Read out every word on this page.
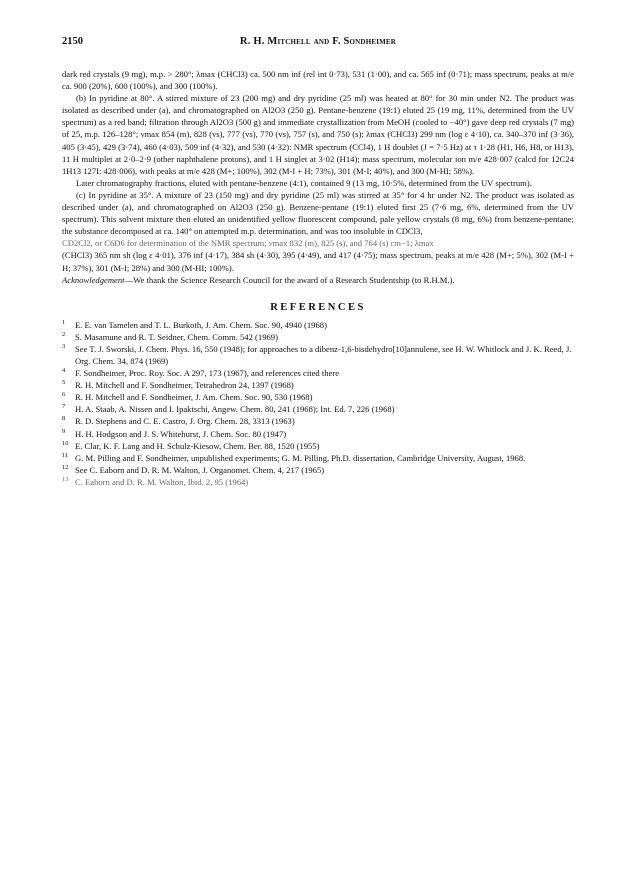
2150	R. H. Mitchell and F. Sondheimer

dark red crystals (9 mg), m.p. > 280°; λmax (CHCl3) ca. 500 nm inf (rel int 0·73), 531 (1·00), and ca. 565 inf (0·71); mass spectrum, peaks at m/e ca. 900 (20%), 600 (100%), and 300 (100%).

(b) In pyridine at 80°. A stirred mixture of 23 (200 mg) and dry pyridine (25 ml) was heated at 80° for 30 min under N2. The product was isolated as described under (a), and chromatographed on Al2O3 (250 g). Pentane-benzene (19:1) eluted 25 (19 mg, 11%, determined from the UV spectrum) as a red band; filtration through Al2O3 (500 g) and immediate crystallization from MeOH (cooled to −40°) gave deep red crystals (7 mg) of 25, m.p. 126–128°; νmax 854 (m), 828 (vs), 777 (vs), 770 (vs), 757 (s), and 750 (s); λmax (CHCl3) 299 nm (log ε 4·10), ca. 340–370 inf (3·36), 405 (3·45), 429 (3·74), 460 (4·03), 509 inf (4·32), and 530 (4·32): NMR spectrum (CCl4), 1 H doublet (J = 7·5 Hz) at τ 1·28 (H1, H6, H8, or H13), 11 H multiplet at 2·0–2·9 (other naphthalene protons), and 1 H singlet at 3·02 (H14); mass spectrum, molecular ion m/e 428·007 (calcd for 12C24 1H13 127I: 428·006), with peaks at m/e 428 (M+; 100%), 302 (M-I + H; 73%), 301 (M-I; 40%), and 300 (M-HI; 58%).

Later chromatography fractions, eluted with pentane-benzene (4:1), contained 9 (13 mg, 10·5%, determined from the UV spectrum).

(c) In pyridine at 35°. A mixture of 23 (150 mg) and dry pyridine (25 ml) was stirred at 35° for 4 hr under N2. The product was isolated as described under (a), and chromatographed on Al2O3 (250 g). Benzene-pentane (19:1) eluted first 25 (7·6 mg, 6%, determined from the UV spectrum). This solvent mixture then eluted an unidentified yellow fluorescent compound, pale yellow crystals (8 mg, 6%) from benzene-pentane; the substance decomposed at ca. 140° on attempted m.p. determination, and was too insoluble in CDCl3,

CD2Cl2, or C6D6 for determination of the NMR spectrum; νmax 832 (m), 825 (s), and 764 (s) cm−1; λmax

(CHCl3) 365 nm sh (log ε 4·01), 376 inf (4·17), 384 sh (4·30), 395 (4·49), and 417 (4·75); mass spectrum, peaks at m/e 428 (M+; 5%), 302 (M-I + H; 37%), 301 (M-I; 28%) and 300 (M-HI; 100%).

Acknowledgement—We thank the Science Research Council for the award of a Research Studentship (to R.H.M.).

REFERENCES
1 E. E. van Tamelen and T. L. Burkoth, J. Am. Chem. Soc. 90, 4940 (1968)
2 S. Masamune and R. T. Seidner, Chem. Comm. 542 (1969)
3 See T. J. Sworski, J. Chem. Phys. 16, 550 (1948); for approaches to a dibenz-1,6-bisdehydro[10]annulene, see H. W. Whitlock and J. K. Reed, J. Org. Chem. 34, 874 (1969)
4 F. Sondheimer, Proc. Roy. Soc. A 297, 173 (1967), and references cited there
5 R. H. Mitchell and F. Sondheimer, Tetrahedron 24, 1397 (1968)
6 R. H. Mitchell and F. Sondheimer, J. Am. Chem. Soc. 90, 530 (1968)
7 H. A. Staab, A. Nissen and I. Ipaktschi, Angew. Chem. 80, 241 (1968); Int. Ed. 7, 226 (1968)
8 R. D. Stephens and C. E. Castro, J. Org. Chem. 28, 3313 (1963)
9 H. H. Hodgson and J. S. Whitehurst, J. Chem. Soc. 80 (1947)
10 E. Clar, K. F. Lang and H. Schulz-Kiesow, Chem. Ber. 88, 1520 (1955)
11 G. M. Pilling and F. Sondheimer, unpublished experiments; G. M. Pilling, Ph.D. dissertation, Cambridge University, August, 1968.
12 See C. Eaborn and D. R. M. Walton, J. Organomet. Chem. 4, 217 (1965)
13 C. Eaborn and D. R. M. Walton, Ibid. 2, 95 (1964)
